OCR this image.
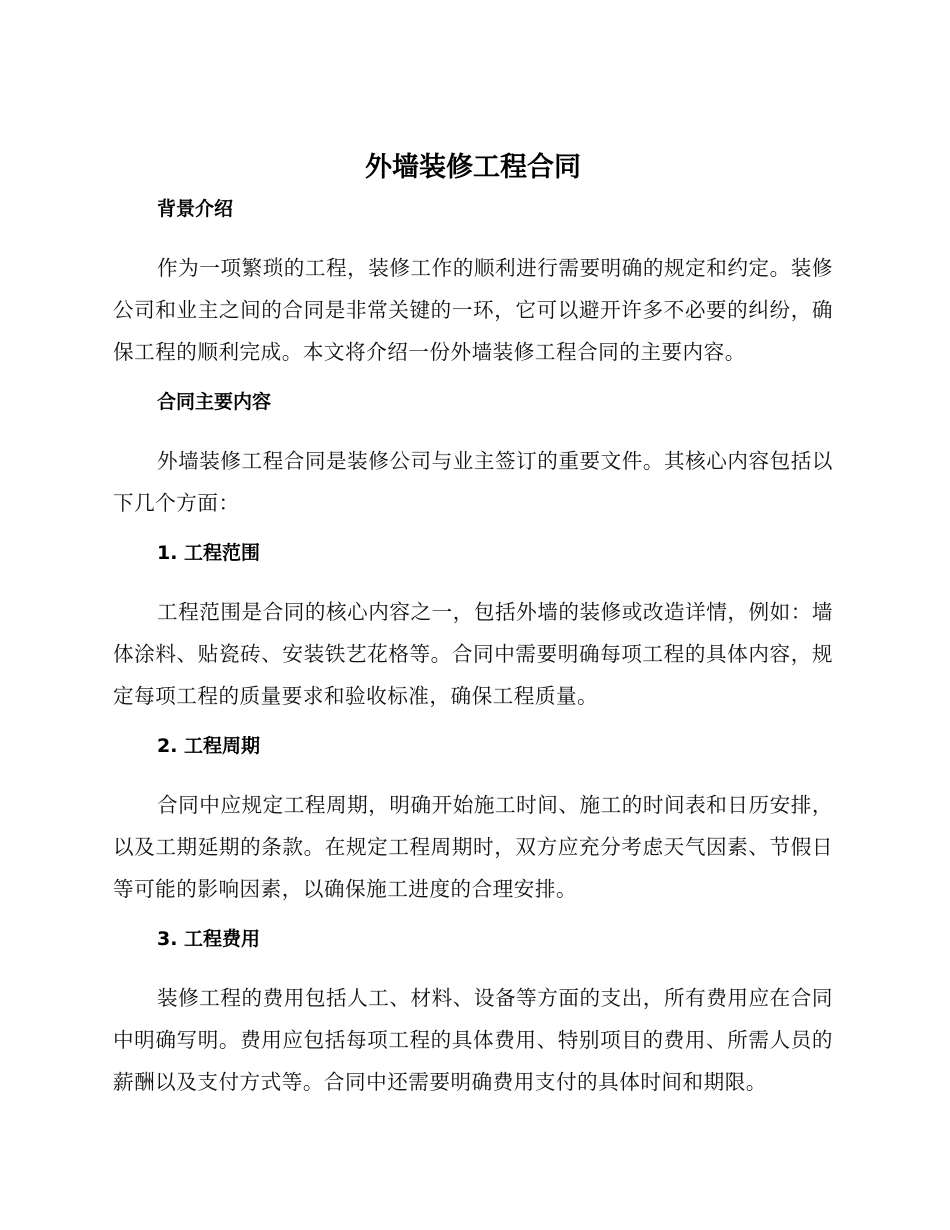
外墙装修工程合同
背景介绍

作为一项繁琐的工程，装修工作的顺利进行需要明确的规定和约定。装修公司和业主之间的合同是非常关键的一环，它可以避开许多不必要的纠纷，确保工程的顺利完成。本文将介绍一份外墙装修工程合同的主要内容。

合同主要内容

外墙装修工程合同是装修公司与业主签订的重要文件。其核心内容包括以下几个方面：

1. 工程范围

工程范围是合同的核心内容之一，包括外墙的装修或改造详情，例如：墙体涂料、贴瓷砖、安装铁艺花格等。合同中需要明确每项工程的具体内容，规定每项工程的质量要求和验收标准，确保工程质量。

2. 工程周期

合同中应规定工程周期，明确开始施工时间、施工的时间表和日历安排，以及工期延期的条款。在规定工程周期时，双方应充分考虑天气因素、节假日等可能的影响因素，以确保施工进度的合理安排。

3. 工程费用

装修工程的费用包括人工、材料、设备等方面的支出，所有费用应在合同中明确写明。费用应包括每项工程的具体费用、特别项目的费用、所需人员的薪酬以及支付方式等。合同中还需要明确费用支付的具体时间和期限。
